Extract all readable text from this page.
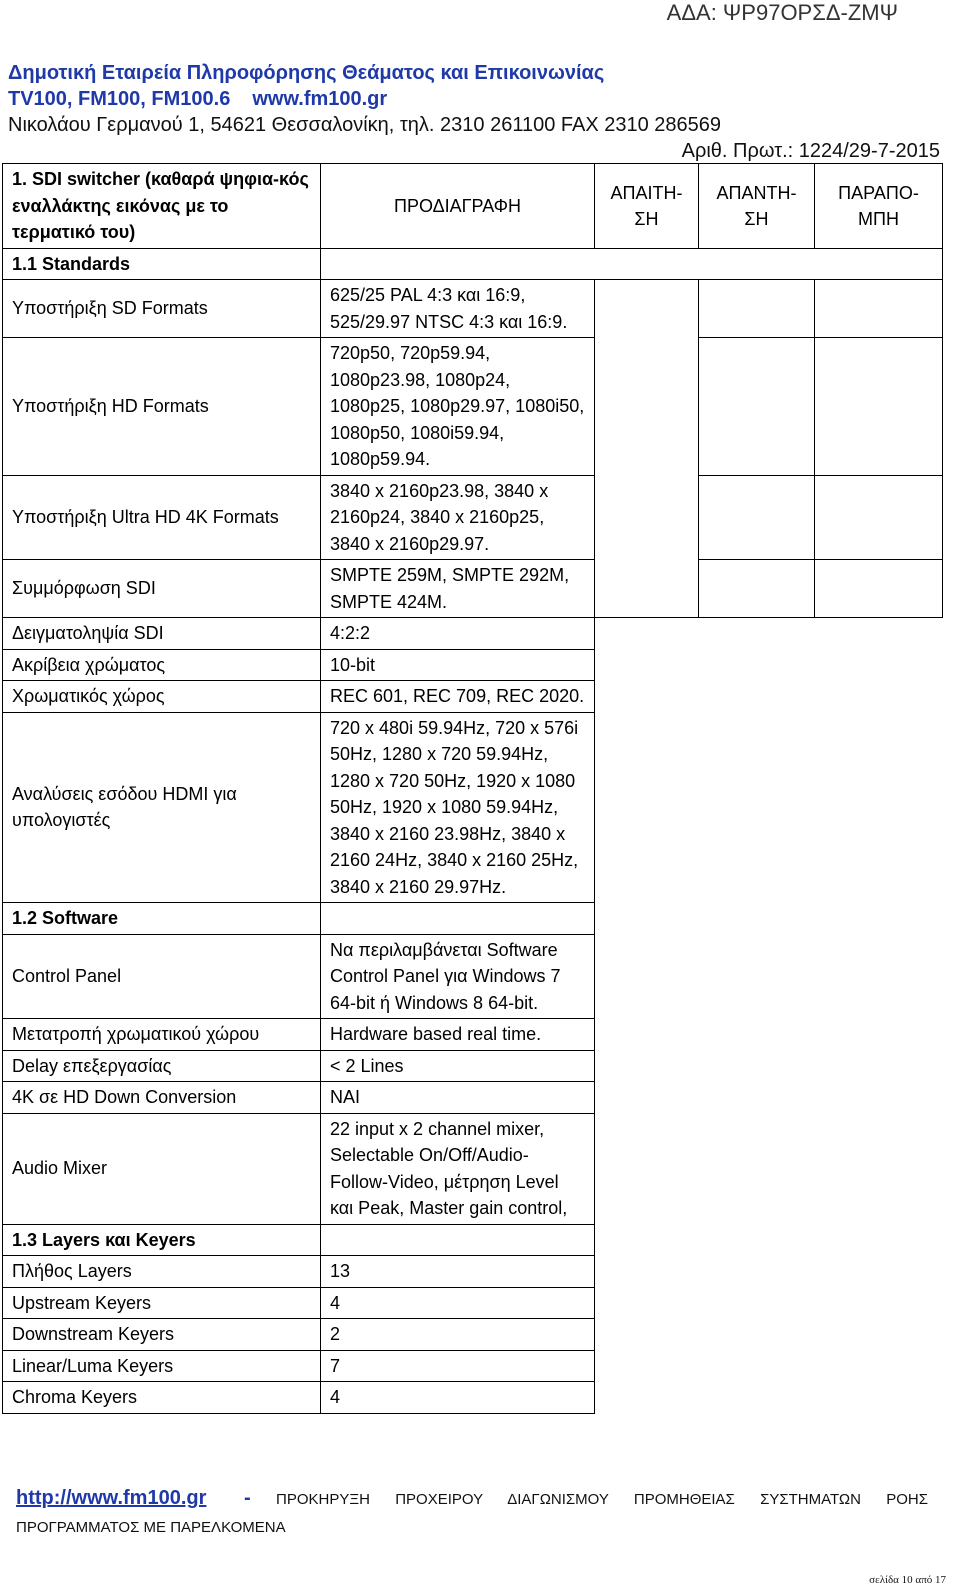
ΑΔΑ: ΨΡ97ΟΡΣΔ-ΖΜΨ
Δημοτική Εταιρεία Πληροφόρησης Θεάματος και Επικοινωνίας
TV100, FM100, FM100.6 www.fm100.gr
Νικολάου Γερμανού 1, 54621 Θεσσαλονίκη, τηλ. 2310 261100 FAX 2310 286569
Αριθ. Πρωτ.: 1224/29-7-2015
1. SDI switcher (καθαρά ψηφια-κός εναλλάκτης εικόνας με το τερματικό του)	ΠΡΟΔΙΑΓΡΑΦΗ	ΑΠΑΙΤΗ-ΣΗ	ΑΠΑΝΤΗ-ΣΗ	ΠΑΡΑΠΟ-ΜΠΗ
1.1 Standards				
Υποστήριξη SD Formats	625/25 PAL 4:3 και 16:9, 525/29.97 NTSC 4:3 και 16:9.			
Υποστήριξη HD Formats	720p50, 720p59.94, 1080p23.98, 1080p24, 1080p25, 1080p29.97, 1080i50, 1080p50, 1080i59.94, 1080p59.94.			
Υποστήριξη Ultra HD 4K Formats	3840 x 2160p23.98, 3840 x 2160p24, 3840 x 2160p25, 3840 x 2160p29.97.			
Συμμόρφωση SDI	SMPTE 259M, SMPTE 292M, SMPTE 424M.			
Δειγματοληψία SDI	4:2:2			
Ακρίβεια χρώματος	10-bit			
Χρωματικός χώρος	REC 601, REC 709, REC 2020.			
Αναλύσεις εσόδου HDMI για υπολογιστές	720 x 480i 59.94Hz, 720 x 576i 50Hz, 1280 x 720 59.94Hz, 1280 x 720 50Hz, 1920 x 1080 50Hz, 1920 x 1080 59.94Hz, 3840 x 2160 23.98Hz, 3840 x 2160 24Hz, 3840 x 2160 25Hz, 3840 x 2160 29.97Hz.			
1.2 Software				
Control Panel	Να περιλαμβάνεται Software Control Panel για Windows 7 64-bit ή Windows 8 64-bit.			
Μετατροπή χρωματικού χώρου	Hardware based real time.			
Delay επεξεργασίας	< 2 Lines			
4K σε HD Down Conversion	ΝΑΙ			
Audio Mixer	22 input x 2 channel mixer, Selectable On/Off/Audio-Follow-Video, μέτρηση Level και Peak, Master gain control,			
1.3 Layers και Keyers				
Πλήθος Layers	13			
Upstream Keyers	4			
Downstream Keyers	2			
Linear/Luma Keyers	7			
Chroma Keyers	4			
http://www.fm100.gr - ΠΡΟΚΗΡΥΞΗ ΠΡΟΧΕΙΡΟΥ ΔΙΑΓΩΝΙΣΜΟΥ ΠΡΟΜΗΘΕΙΑΣ ΣΥΣΤΗΜΑΤΩΝ ΡΟΗΣ
ΠΡΟΓΡΑΜΜΑΤΟΣ ΜΕ ΠΑΡΕΛΚΟΜΕΝΑ
σελίδα 10 από 17
